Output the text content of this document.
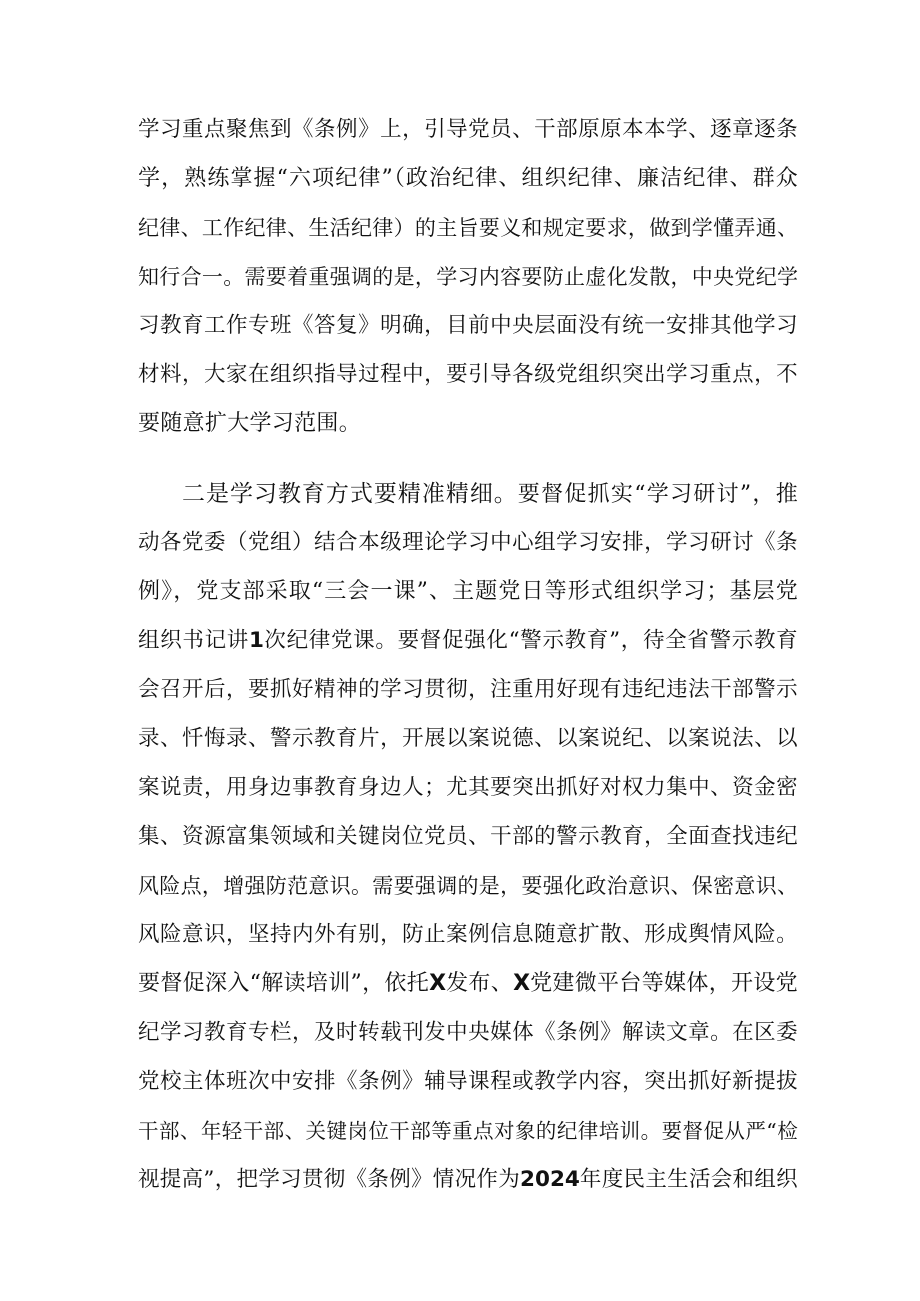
学习重点聚焦到《条例》上，引导党员、干部原原本本学、逐章逐条
学，熟练掌握“六项纪律”（政治纪律、组织纪律、廉洁纪律、群众
纪律、工作纪律、生活纪律）的主旨要义和规定要求，做到学懂弄通、
知行合一。需要着重强调的是，学习内容要防止虚化发散，中央党纪学
习教育工作专班《答复》明确，目前中央层面没有统一安排其他学习
材料，大家在组织指导过程中，要引导各级党组织突出学习重点，不
要随意扩大学习范围。
二是学习教育方式要精准精细。要督促抓实“学习研讨”，推
动各党委（党组）结合本级理论学习中心组学习安排，学习研讨《条
例》，党支部采取“三会一课”、主题党日等形式组织学习；基层党
组织书记讲1次纪律党课。要督促强化“警示教育”，待全省警示教育
会召开后，要抓好精神的学习贯彻，注重用好现有违纪违法干部警示
录、忏悔录、警示教育片，开展以案说德、以案说纪、以案说法、以
案说责，用身边事教育身边人；尤其要突出抓好对权力集中、资金密
集、资源富集领域和关键岗位党员、干部的警示教育，全面查找违纪
风险点，增强防范意识。需要强调的是，要强化政治意识、保密意识、
风险意识，坚持内外有别，防止案例信息随意扩散、形成舆情风险。
要督促深入“解读培训”，依托X发布、X党建微平台等媒体，开设党
纪学习教育专栏，及时转载刊发中央媒体《条例》解读文章。在区委
党校主体班次中安排《条例》辅导课程或教学内容，突出抓好新提拔
干部、年轻干部、关键岗位干部等重点对象的纪律培训。要督促从严“检
视提高”，把学习贯彻《条例》情况作为2024年度民主生活会和组织
